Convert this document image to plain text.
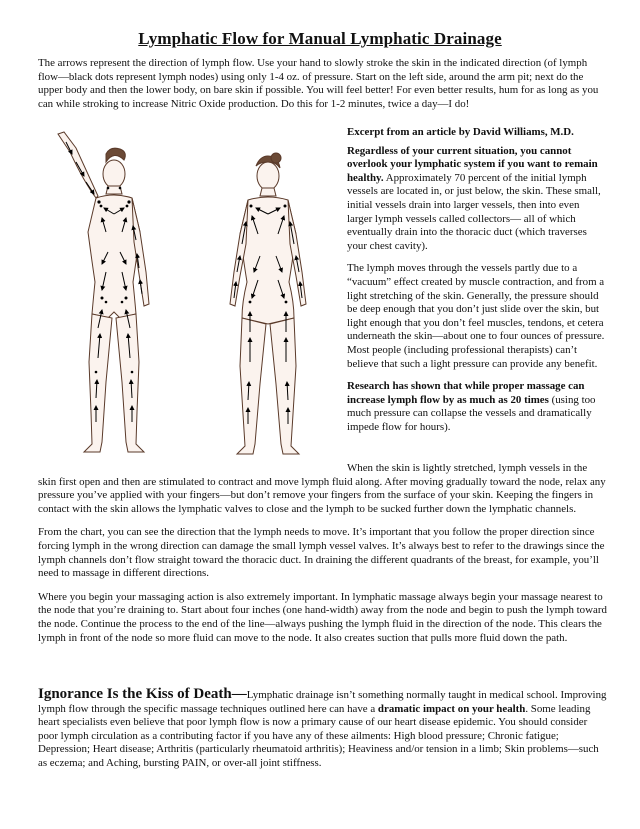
Lymphatic Flow for Manual Lymphatic Drainage

The arrows represent the direction of lymph flow. Use your hand to slowly stroke the skin in the indicated direction (of lymph flow—black dots represent lymph nodes) using only 1-4 oz. of pressure. Start on the left side, around the arm pit; next do the upper body and then the lower body, on bare skin if possible. You will feel better! For even better results, hum for as long as you can while stroking to increase Nitric Oxide production. Do this for 1-2 minutes, twice a day—I do!

Excerpt from an article by David Williams, M.D.

Regardless of your current situation, you cannot overlook your lymphatic system if you want to remain healthy. Approximately 70 percent of the initial lymph vessels are located in, or just below, the skin. These small, initial vessels drain into larger vessels, then into even larger lymph vessels called collectors— all of which eventually drain into the thoracic duct (which traverses your chest cavity).

The lymph moves through the vessels partly due to a “vacuum” effect created by muscle contraction, and from a light stretching of the skin. Generally, the pressure should be deep enough that you don’t just slide over the skin, but light enough that you don’t feel muscles, tendons, et cetera underneath the skin—about one to four ounces of pressure. Most people (including professional therapists) can’t believe that such a light pressure can provide any benefit.

Research has shown that while proper massage can increase lymph flow by as much as 20 times (using too much pressure can collapse the vessels and dramatically impede flow for hours).

When the skin is lightly stretched, lymph vessels in the skin first open and then are stimulated to contract and move lymph fluid along. After moving gradually toward the node, relax any pressure you’ve applied with your fingers—but don’t remove your fingers from the surface of your skin. Keeping the fingers in contact with the skin allows the lymphatic valves to close and the lymph to be sucked further down the lymphatic channels.

From the chart, you can see the direction that the lymph needs to move. It’s important that you follow the proper direction since forcing lymph in the wrong direction can damage the small lymph vessel valves. It’s always best to refer to the drawings since the lymph channels don’t flow straight toward the thoracic duct. In draining the different quadrants of the breast, for example, you’ll need to massage in different directions.

Where you begin your massaging action is also extremely important. In lymphatic massage always begin your massage nearest to the node that you’re draining to. Start about four inches (one hand-width) away from the node and begin to push the lymph toward the node. Continue the process to the end of the line—always pushing the lymph fluid in the direction of the node. This clears the lymph in front of the node so more fluid can move to the node. It also creates suction that pulls more fluid down the path.

Ignorance Is the Kiss of Death—Lymphatic drainage isn’t something normally taught in medical school. Improving lymph flow through the specific massage techniques outlined here can have a dramatic impact on your health. Some leading heart specialists even believe that poor lymph flow is now a primary cause of our heart disease epidemic. You should consider poor lymph circulation as a contributing factor if you have any of these ailments: High blood pressure; Chronic fatigue; Depression; Heart disease; Arthritis (particularly rheumatoid arthritis); Heaviness and/or tension in a limb; Skin problems—such as eczema; and Aching, bursting PAIN, or over-all joint stiffness.
